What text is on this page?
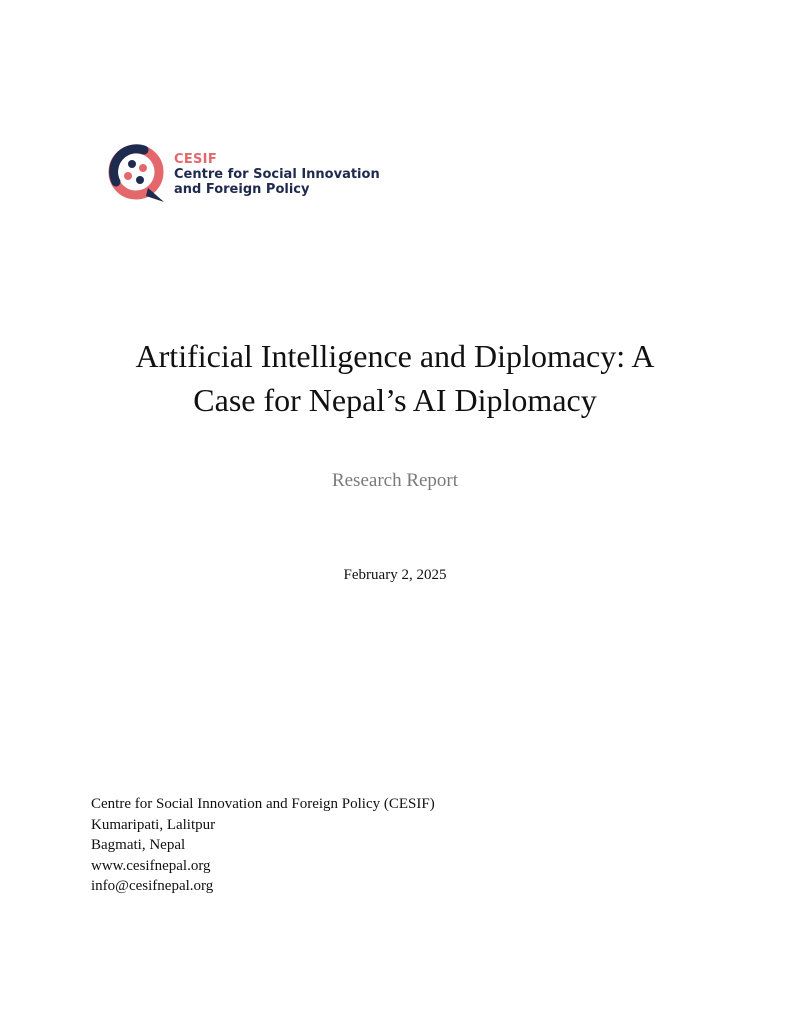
CESIF
Centre for Social Innovation
and Foreign Policy
Artificial Intelligence and Diplomacy: A
Case for Nepal’s AI Diplomacy
Research Report
February 2, 2025
Centre for Social Innovation and Foreign Policy (CESIF)
Kumaripati, Lalitpur
Bagmati, Nepal
www.cesifnepal.org
info@cesifnepal.org
